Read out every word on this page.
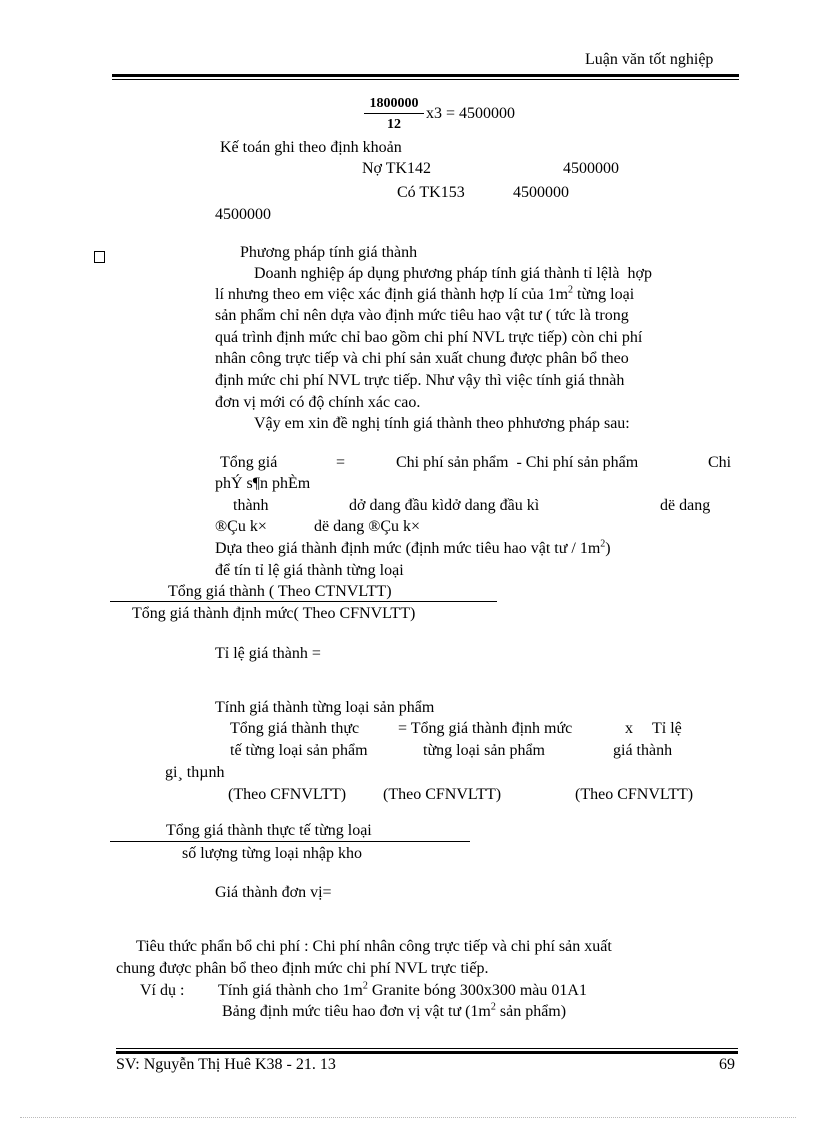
Luận văn tốt nghiệp
$\frac{1800000}{12} x3 = 4500000$
Kế toán ghi theo định khoản
Nợ TK142	4500000
Có TK153	4500000
4500000
Phương pháp tính giá thành
Doanh nghiệp áp dụng phương pháp tính giá thành tỉ lệlà  hợp
lí nhưng theo em việc xác định giá thành hợp lí của $1m^2$ từng loại
sản phẩm chỉ nên dựa vào định mức tiêu hao vật tư ( tức là trong
quá trình định mức chỉ bao gồm chi phí NVL trực tiếp) còn chi phí
nhân công trực tiếp và chi phí sản xuất chung được phân bổ theo
định mức chi phí NVL trực tiếp. Như vậy thì việc tính giá thnàh
đơn vị mới có độ chính xác cao.
Vậy em xin đề nghị tính giá thành theo phhương pháp sau:
Tổng giá	=	Chi phí sản phẩm  - Chi phí sản phẩm	Chi
phÝ s¶n phÈm
thành	dở dang đầu kìdở dang đầu kì	dë dang
®Çu k×	dë dang ®Çu k×
Dựa theo giá thành định mức (định mức tiêu hao vật tư / $1m^2$)
để tín tỉ lệ giá thành từng loại
Tổng giá thành ( Theo CTNVLTT)
Tổng giá thành định mức( Theo CFNVLTT)
Tỉ lệ giá thành =
Tính giá thành từng loại sản phẩm
Tổng giá thành thực = Tổng giá thành định mức	x Tỉ lệ
tế từng loại sản phẩm	từng loại sản phẩm	giá thành
gi¸ thµnh
(Theo CFNVLTT) (Theo CFNVLTT)	(Theo CFNVLTT)
Tổng giá thành thực tế từng loại
số lượng từng loại nhập kho
Giá thành đơn vị=
Tiêu thức phẩn bổ chi phí : Chi phí nhân công trực tiếp và chi phí sản xuất
chung được phân bổ theo định mức chi phí NVL trực tiếp.
Ví dụ : Tính giá thành cho $1m^2$ Granite bóng 300x300 màu 01A1
Bảng định mức tiêu hao đơn vị vật tư ($1m^2$ sản phẩm)
SV: Nguyễn Thị Huê K38 - 21. 13	69
